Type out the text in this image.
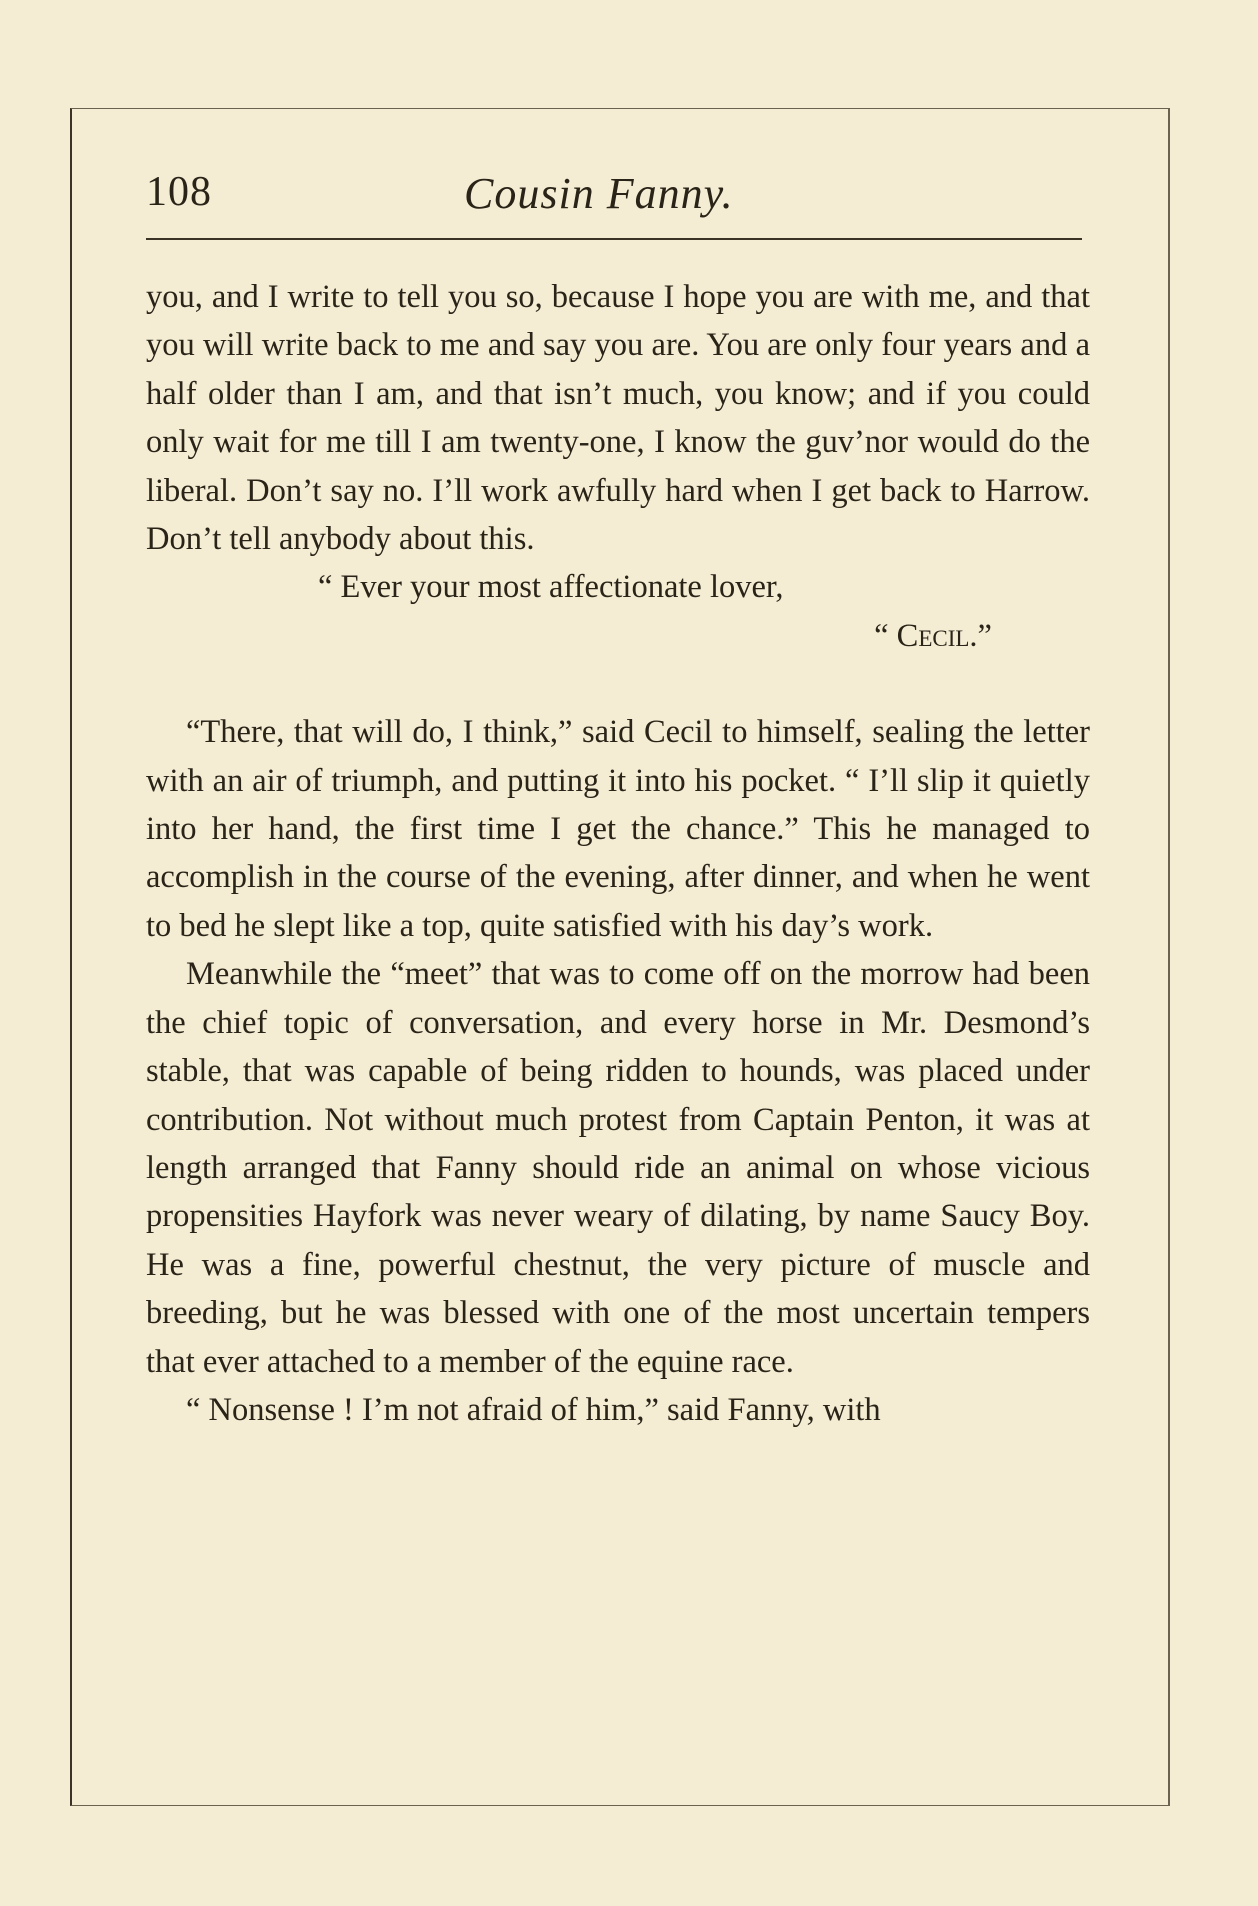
108	Cousin Fanny.

you, and I write to tell you so, because I hope you are with me, and that you will write back to me and say you are. You are only four years and a half older than I am, and that isn’t much, you know; and if you could only wait for me till I am twenty-one, I know the guv’nor would do the liberal. Don’t say no. I’ll work awfully hard when I get back to Harrow. Don’t tell anybody about this.

“ Ever your most affectionate lover,

“ Cecil.”

“There, that will do, I think,” said Cecil to himself, sealing the letter with an air of triumph, and putting it into his pocket. “ I’ll slip it quietly into her hand, the first time I get the chance.” This he managed to accomplish in the course of the evening, after dinner, and when he went to bed he slept like a top, quite satisfied with his day’s work.

Meanwhile the “meet” that was to come off on the morrow had been the chief topic of conversation, and every horse in Mr. Desmond’s stable, that was capable of being ridden to hounds, was placed under contribution. Not without much protest from Captain Penton, it was at length arranged that Fanny should ride an animal on whose vicious propensities Hayfork was never weary of dilating, by name Saucy Boy. He was a fine, powerful chestnut, the very picture of muscle and breeding, but he was blessed with one of the most uncertain tempers that ever attached to a member of the equine race.

“ Nonsense ! I’m not afraid of him,” said Fanny, with
